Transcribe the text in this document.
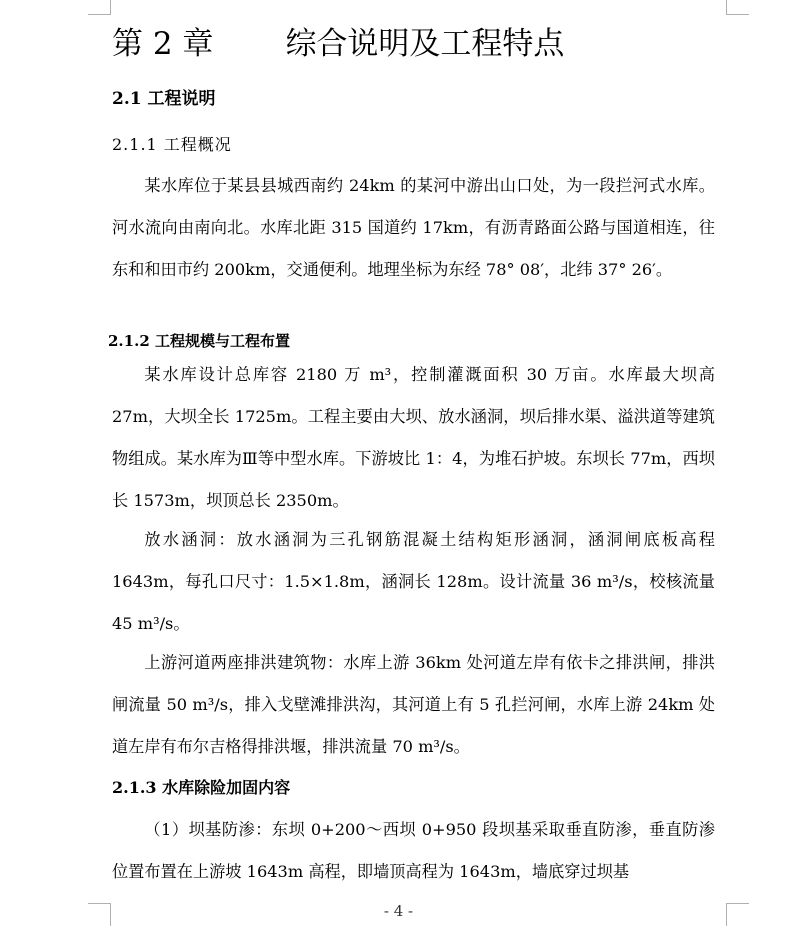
第 2 章 综合说明及工程特点
2.1 工程说明
2.1.1 工程概况
某水库位于某县县城西南约 24km 的某河中游出山口处，为一段拦河式水库。河水流向由南向北。水库北距 315 国道约 17km，有沥青路面公路与国道相连，往东和和田市约 200km，交通便利。地理坐标为东经 78° 08′，北纬 37° 26′。
2.1.2 工程规模与工程布置
某水库设计总库容 2180 万 m³，控制灌溉面积 30 万亩。水库最大坝高 27m，大坝全长 1725m。工程主要由大坝、放水涵洞，坝后排水渠、溢洪道等建筑物组成。某水库为Ⅲ等中型水库。下游坡比 1：4，为堆石护坡。东坝长 77m，西坝长 1573m，坝顶总长 2350m。
放水涵洞：放水涵洞为三孔钢筋混凝土结构矩形涵洞，涵洞闸底板高程 1643m，每孔口尺寸：1.5×1.8m，涵洞长 128m。设计流量 36 m³/s，校核流量 45 m³/s。
上游河道两座排洪建筑物：水库上游 36km 处河道左岸有依卡之排洪闸，排洪闸流量 50 m³/s，排入戈壁滩排洪沟，其河道上有 5 孔拦河闸，水库上游 24km 处道左岸有布尔吉格得排洪堰，排洪流量 70 m³/s。
2.1.3 水库除险加固内容
（1）坝基防渗：东坝 0+200～西坝 0+950 段坝基采取垂直防渗，垂直防渗位置布置在上游坡 1643m 高程，即墙顶高程为 1643m，墙底穿过坝基
- 4 -
